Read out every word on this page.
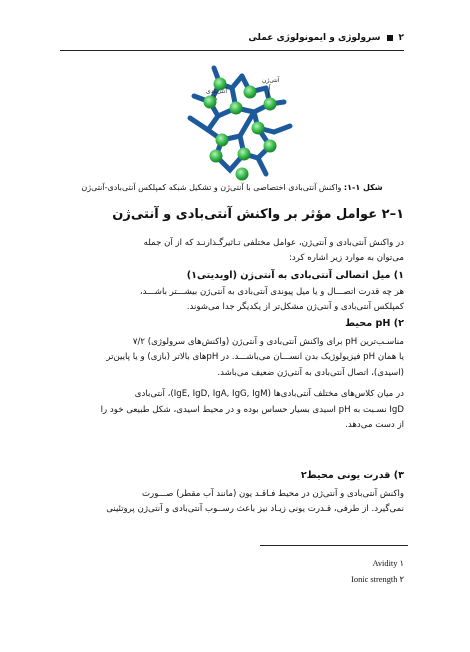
۲
سرولوژی و ایمونولوژی عملی
آنتی‌بادی
آنتی‌ژن
شکل ۱-۱: واکنش آنتی‌بادی اختصاصی با آنتی‌ژن و تشکیل شبکه کمپلکس آنتی‌بادی-آنتی‌ژن
۱–۲ عوامل مؤثر بر واکنش آنتی‌بادی و آنتی‌ژن
در واکنش آنتی‌بادی و آنتی‌ژن، عوامل مختلفی تـاثیر‌گـذارنـد که از آن جمله
می‌توان به موارد زیر اشاره کرد:
۱) میل اتصالی آنتی‌بادی به آنتی‌ژن (اویدیتی۱)
هر چه قدرت اتصـــال و یا میل پیوندی آنتی‌بادی به آنتی‌ژن بیشـــتر باشـــد،
کمپلکس آنتی‌بادی و آنتی‌ژن مشکل‌تر از یکدیگر جدا می‌شوند.
۲) pH محیط
مناسـب‌ترین pH برای واکنش آنتی‌بادی و آنتی‌ژن (واکنش‌های سرولوژی) ۷/۲
یا همان pH فیزیولوژیک بدن انســـان می‌باشـــد. در pHهای بالاتر (بازی) و یا پایین‌تر
(اسیدی)، اتصال آنتی‌بادی به آنتی‌ژن ضعیف می‌باشد.
در میان کلاس‌های مختلف آنتی‌بادی‌ها (IgE, IgD, IgA, IgG, IgM)، آنتی‌بادی
IgD نسـبت به pH اسیدی بسیار حساس بوده و در محیط اسیدی، شکل طبیعی خود را
از دست می‌دهد.
۳) قدرت یونی محیط۲
واکنش آنتی‌بادی و آنتی‌ژن در محیط فـاقـد یون (مانند آب مقطر) صـــورت
نمی‌گیرد. از طرفی، قـدرت یونی زیـاد نیز باعث رســوب آنتی‌بادی و آنتی‌ژن پروتئینی
۱ Avidity
۲ Ionic strength
